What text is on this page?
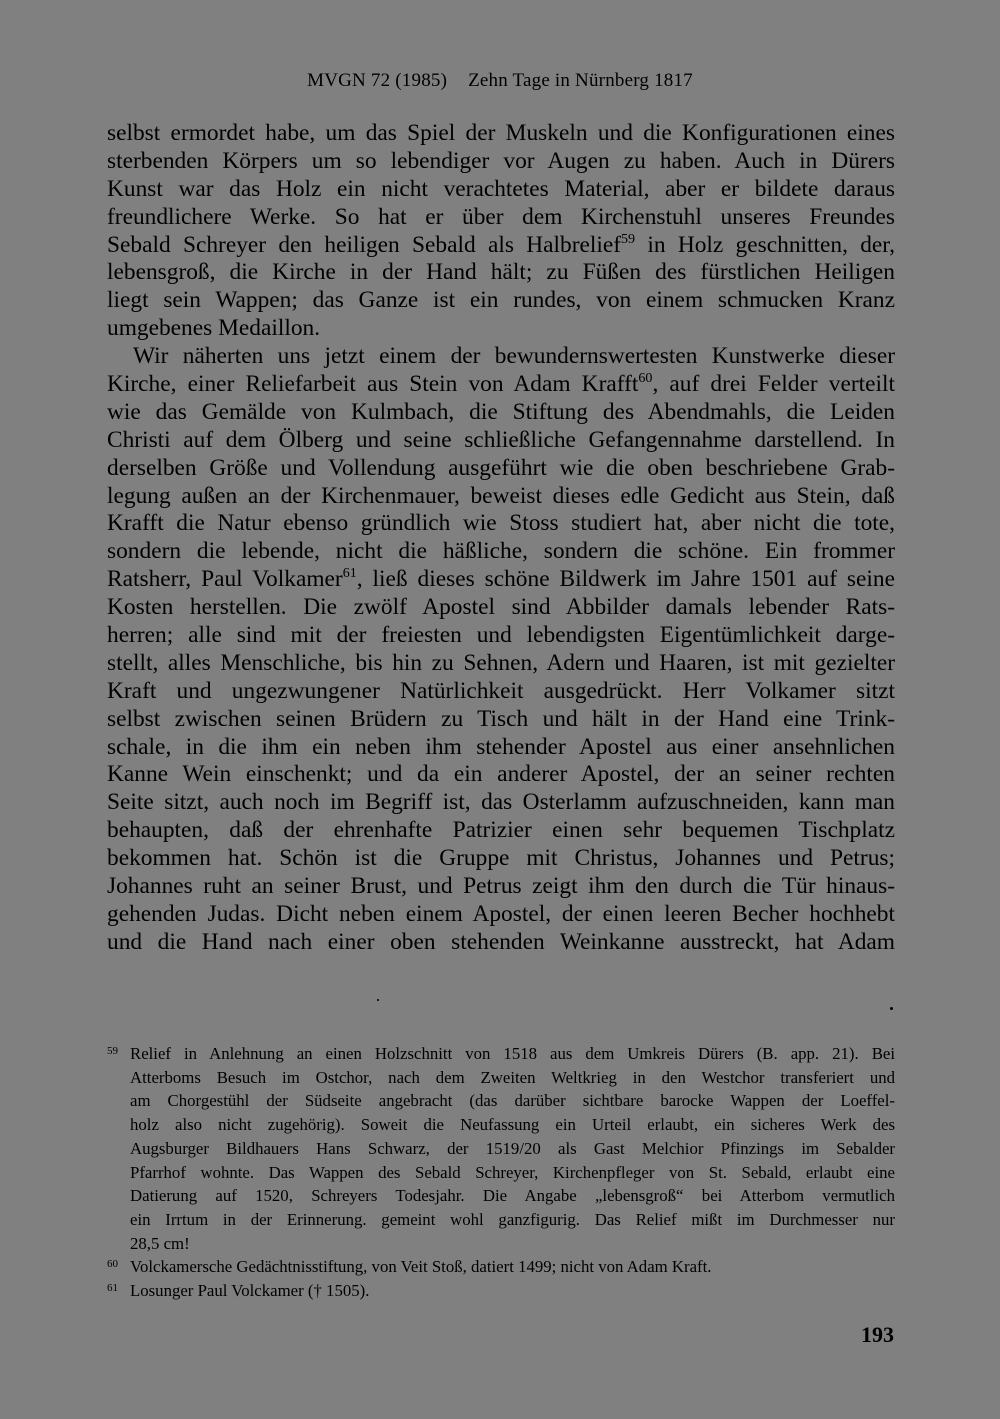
MVGN 72 (1985) Zehn Tage in Nürnberg 1817
selbst ermordet habe, um das Spiel der Muskeln und die Konfigurationen eines
sterbenden Körpers um so lebendiger vor Augen zu haben. Auch in Dürers
Kunst war das Holz ein nicht verachtetes Material, aber er bildete daraus
freundlichere Werke. So hat er über dem Kirchenstuhl unseres Freundes
Sebald Schreyer den heiligen Sebald als Halbrelief$^{59}$ in Holz geschnitten, der,
lebensgroß, die Kirche in der Hand hält; zu Füßen des fürstlichen Heiligen
liegt sein Wappen; das Ganze ist ein rundes, von einem schmucken Kranz
umgebenes Medaillon.
Wir näherten uns jetzt einem der bewundernswertesten Kunstwerke dieser
Kirche, einer Reliefarbeit aus Stein von Adam Krafft$^{60}$, auf drei Felder verteilt
wie das Gemälde von Kulmbach, die Stiftung des Abendmahls, die Leiden
Christi auf dem Ölberg und seine schließliche Gefangennahme darstellend. In
derselben Größe und Vollendung ausgeführt wie die oben beschriebene Grab-
legung außen an der Kirchenmauer, beweist dieses edle Gedicht aus Stein, daß
Krafft die Natur ebenso gründlich wie Stoss studiert hat, aber nicht die tote,
sondern die lebende, nicht die häßliche, sondern die schöne. Ein frommer
Ratsherr, Paul Volkamer$^{61}$, ließ dieses schöne Bildwerk im Jahre 1501 auf seine
Kosten herstellen. Die zwölf Apostel sind Abbilder damals lebender Rats-
herren; alle sind mit der freiesten und lebendigsten Eigentümlichkeit darge-
stellt, alles Menschliche, bis hin zu Sehnen, Adern und Haaren, ist mit gezielter
Kraft und ungezwungener Natürlichkeit ausgedrückt. Herr Volkamer sitzt
selbst zwischen seinen Brüdern zu Tisch und hält in der Hand eine Trink-
schale, in die ihm ein neben ihm stehender Apostel aus einer ansehnlichen
Kanne Wein einschenkt; und da ein anderer Apostel, der an seiner rechten
Seite sitzt, auch noch im Begriff ist, das Osterlamm aufzuschneiden, kann man
behaupten, daß der ehrenhafte Patrizier einen sehr bequemen Tischplatz
bekommen hat. Schön ist die Gruppe mit Christus, Johannes und Petrus;
Johannes ruht an seiner Brust, und Petrus zeigt ihm den durch die Tür hinaus-
gehenden Judas. Dicht neben einem Apostel, der einen leeren Becher hochhebt
und die Hand nach einer oben stehenden Weinkanne ausstreckt, hat Adam
59 Relief in Anlehnung an einen Holzschnitt von 1518 aus dem Umkreis Dürers (B. app. 21). Bei
Atterboms Besuch im Ostchor, nach dem Zweiten Weltkrieg in den Westchor transferiert und
am Chorgestühl der Südseite angebracht (das darüber sichtbare barocke Wappen der Loeffel-
holz also nicht zugehörig). Soweit die Neufassung ein Urteil erlaubt, ein sicheres Werk des
Augsburger Bildhauers Hans Schwarz, der 1519/20 als Gast Melchior Pfinzings im Sebalder
Pfarrhof wohnte. Das Wappen des Sebald Schreyer, Kirchenpfleger von St. Sebald, erlaubt eine
Datierung auf 1520, Schreyers Todesjahr. Die Angabe „lebensgroß“ bei Atterbom vermutlich
ein Irrtum in der Erinnerung. gemeint wohl ganzfigurig. Das Relief mißt im Durchmesser nur
28,5 cm!
60 Volckamersche Gedächtnisstiftung, von Veit Stoß, datiert 1499; nicht von Adam Kraft.
61 Losunger Paul Volckamer († 1505).
193
